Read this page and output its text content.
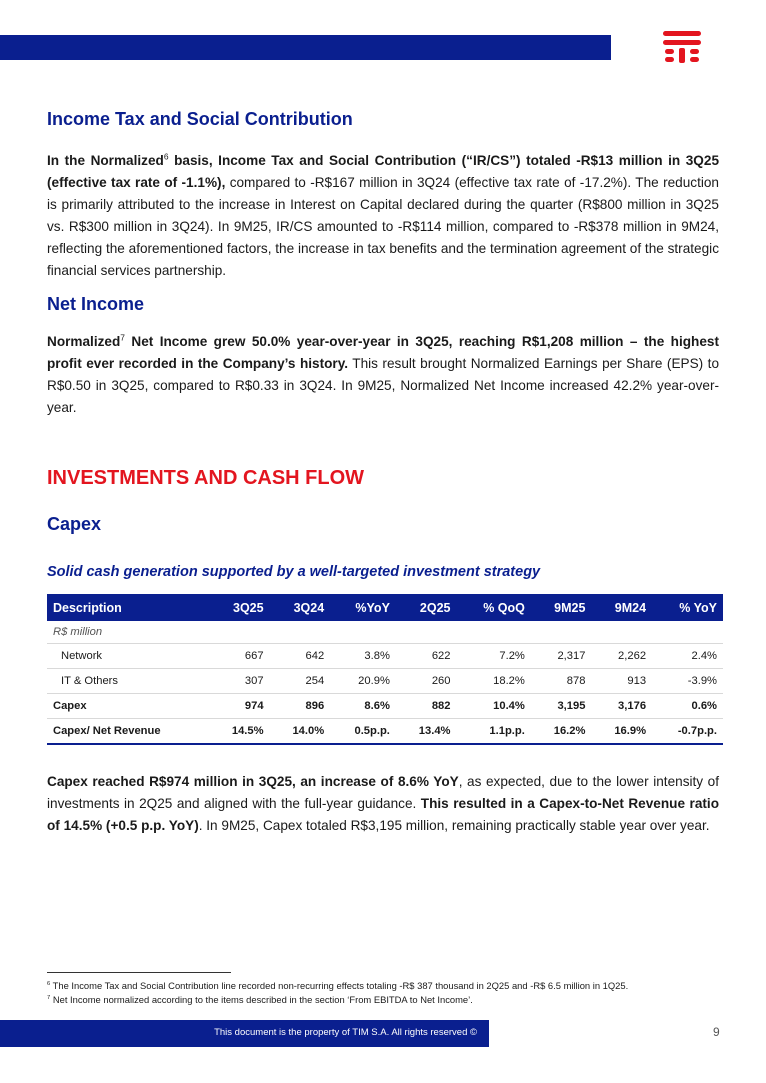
Income Tax and Social Contribution

In the Normalized$^6$ basis, Income Tax and Social Contribution (“IR/CS”) totaled -R$13 million in 3Q25 (effective tax rate of -1.1%), compared to -R$167 million in 3Q24 (effective tax rate of -17.2%). The reduction is primarily attributed to the increase in Interest on Capital declared during the quarter (R$800 million in 3Q25 vs. R$300 million in 3Q24). In 9M25, IR/CS amounted to -R$114 million, compared to -R$378 million in 9M24, reflecting the aforementioned factors, the increase in tax benefits and the termination agreement of the strategic financial services partnership.

Net Income

Normalized$^7$ Net Income grew 50.0% year-over-year in 3Q25, reaching R$1,208 million – the highest profit ever recorded in the Company’s history. This result brought Normalized Earnings per Share (EPS) to R$0.50 in 3Q25, compared to R$0.33 in 3Q24. In 9M25, Normalized Net Income increased 42.2% year-over-year.

INVESTMENTS AND CASH FLOW
Capex

Solid cash generation supported by a well-targeted investment strategy

Description	3Q25	3Q24	%YoY	2Q25	% QoQ	9M25	9M24	% YoY
R$ million								
Network	667	642	3.8%	622	7.2%	2,317	2,262	2.4%
IT & Others	307	254	20.9%	260	18.2%	878	913	-3.9%
Capex	974	896	8.6%	882	10.4%	3,195	3,176	0.6%
Capex/ Net Revenue	14.5%	14.0%	0.5p.p.	13.4%	1.1p.p.	16.2%	16.9%	-0.7p.p.

Capex reached R$974 million in 3Q25, an increase of 8.6% YoY, as expected, due to the lower intensity of investments in 2Q25 and aligned with the full-year guidance. This resulted in a Capex-to-Net Revenue ratio of 14.5% (+0.5 p.p. YoY). In 9M25, Capex totaled R$3,195 million, remaining practically stable year over year.

$^6$ The Income Tax and Social Contribution line recorded non-recurring effects totaling -R$ 387 thousand in 2Q25 and -R$ 6.5 million in 1Q25.

$^7$ Net Income normalized according to the items described in the section ‘From EBITDA to Net Income’.

This document is the property of TIM S.A. All rights reserved ©	9
